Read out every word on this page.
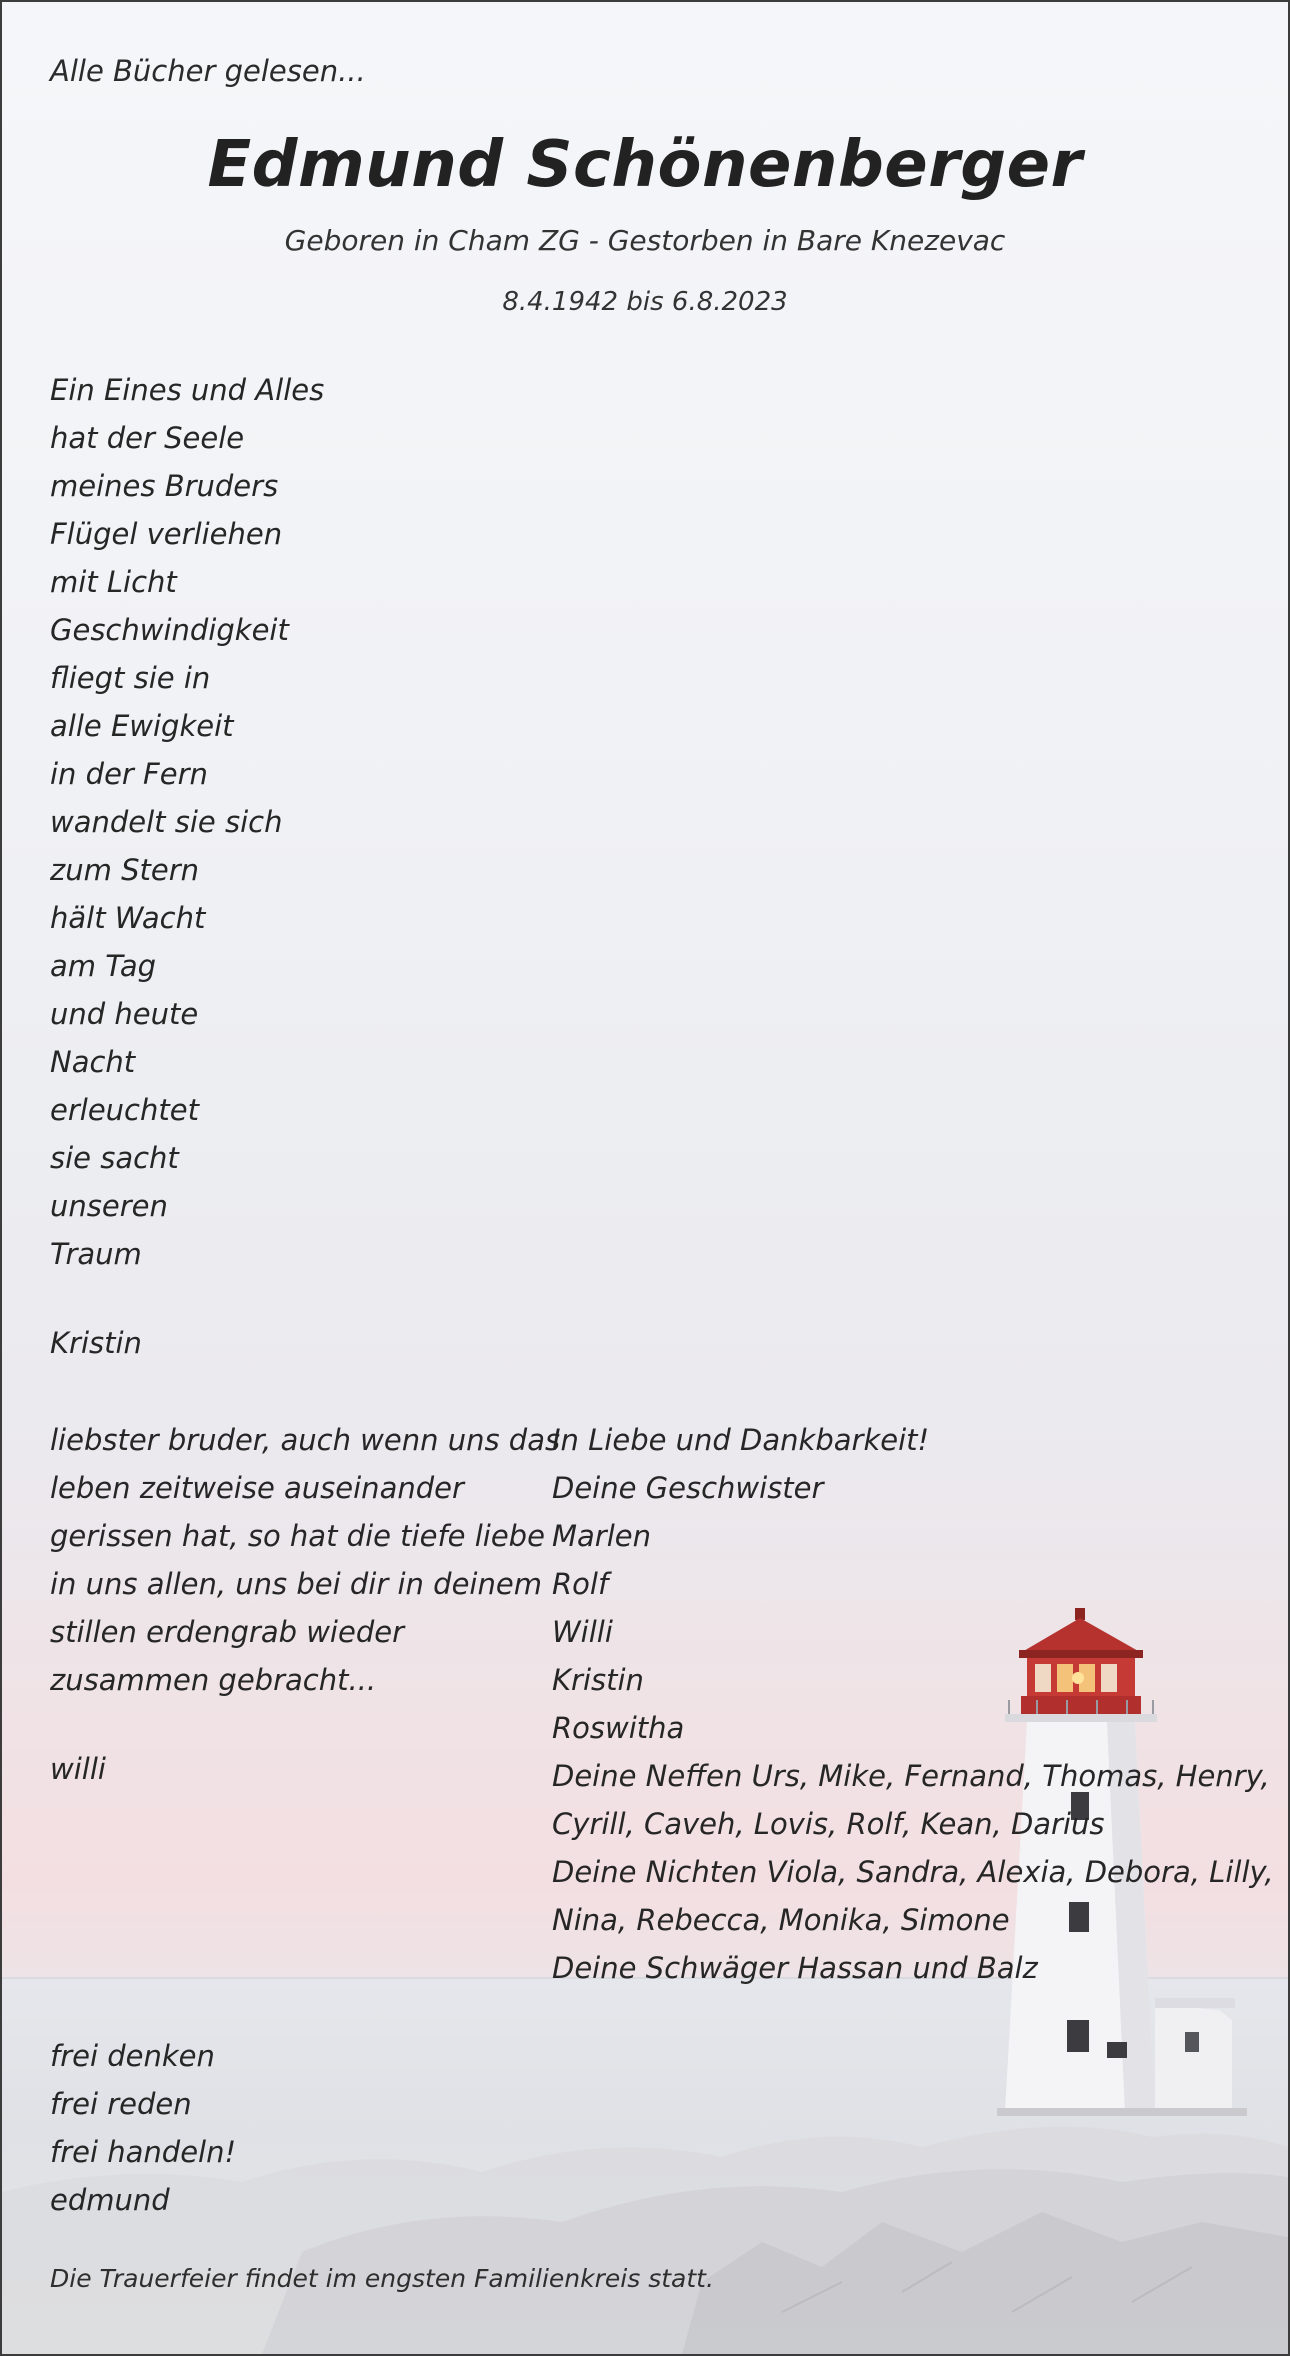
Alle Bücher gelesen...

Edmund Schönenberger

Geboren in Cham ZG - Gestorben in Bare Knezevac

8.4.1942 bis 6.8.2023

Ein Eines und Alles
hat der Seele
meines Bruders
Flügel verliehen
mit Licht
Geschwindigkeit
fliegt sie in
alle Ewigkeit
in der Fern
wandelt sie sich
zum Stern
hält Wacht
am Tag
und heute
Nacht
erleuchtet
sie sacht
unseren
Traum

Kristin

liebster bruder, auch wenn uns das
leben zeitweise auseinander
gerissen hat, so hat die tiefe liebe
in uns allen, uns bei dir in deinem
stillen erdengrab wieder
zusammen gebracht...

willi

In Liebe und Dankbarkeit!
Deine Geschwister
Marlen
Rolf
Willi
Kristin
Roswitha
Deine Neffen Urs, Mike, Fernand, Thomas, Henry,
Cyrill, Caveh, Lovis, Rolf, Kean, Darius
Deine Nichten Viola, Sandra, Alexia, Debora, Lilly,
Nina, Rebecca, Monika, Simone
Deine Schwäger Hassan und Balz
frei denken
frei reden
frei handeln!
edmund

Die Trauerfeier findet im engsten Familienkreis statt.
